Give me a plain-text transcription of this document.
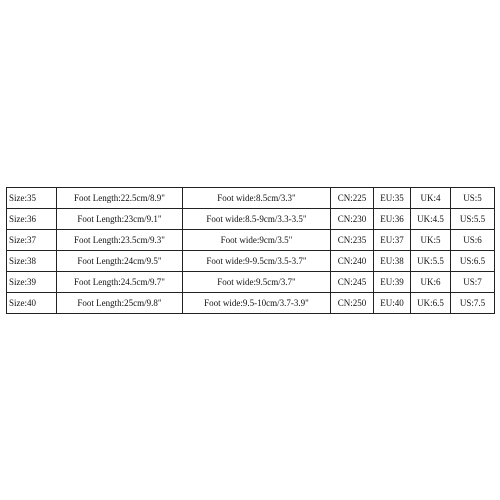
Size:35	Foot Length:22.5cm/8.9"	Foot wide:8.5cm/3.3"	CN:225	EU:35	UK:4	US:5
Size:36	Foot Length:23cm/9.1"	Foot wide:8.5-9cm/3.3-3.5"	CN:230	EU:36	UK:4.5	US:5.5
Size:37	Foot Length:23.5cm/9.3"	Foot wide:9cm/3.5"	CN:235	EU:37	UK:5	US:6
Size:38	Foot Length:24cm/9.5"	Foot wide:9-9.5cm/3.5-3.7"	CN:240	EU:38	UK:5.5	US:6.5
Size:39	Foot Length:24.5cm/9.7"	Foot wide:9.5cm/3.7"	CN:245	EU:39	UK:6	US:7
Size:40	Foot Length:25cm/9.8"	Foot wide:9.5-10cm/3.7-3.9"	CN:250	EU:40	UK:6.5	US:7.5
